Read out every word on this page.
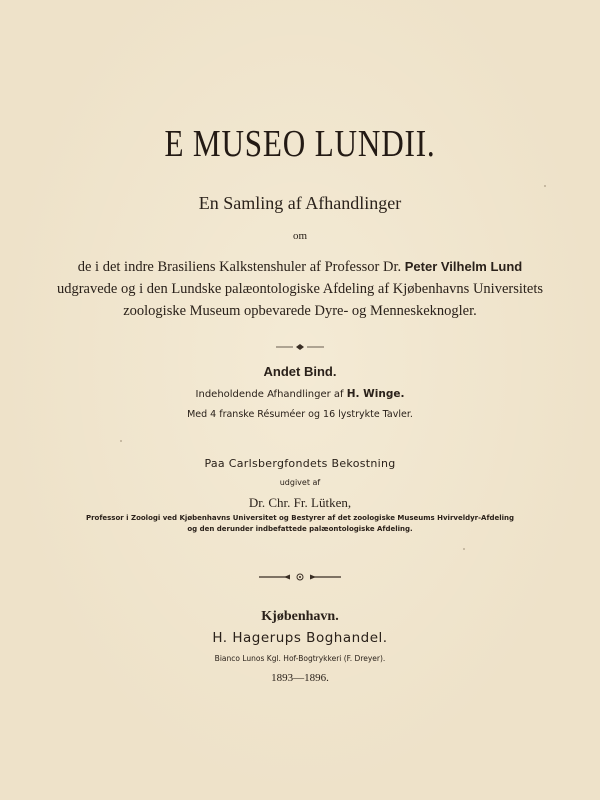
E MUSEO LUNDII.
En Samling af Afhandlinger
om
de i det indre Brasiliens Kalkstenshuler af Professor Dr. Peter Vilhelm Lund
udgravede og i den Lundske palæontologiske Afdeling af Kjøbenhavns Universitets
zoologiske Museum opbevarede Dyre- og Menneskeknogler.
Andet Bind.
Indeholdende Afhandlinger af H. Winge.
Med 4 franske Résuméer og 16 lystrykte Tavler.
Paa Carlsbergfondets Bekostning
udgivet af
Dr. Chr. Fr. Lütken,
Professor i Zoologi ved Kjøbenhavns Universitet og Bestyrer af det zoologiske Museums Hvirveldyr-Afdeling
og den derunder indbefattede palæontologiske Afdeling.
Kjøbenhavn.
H. Hagerups Boghandel.
Bianco Lunos Kgl. Hof-Bogtrykkeri (F. Dreyer).
1893—1896.
